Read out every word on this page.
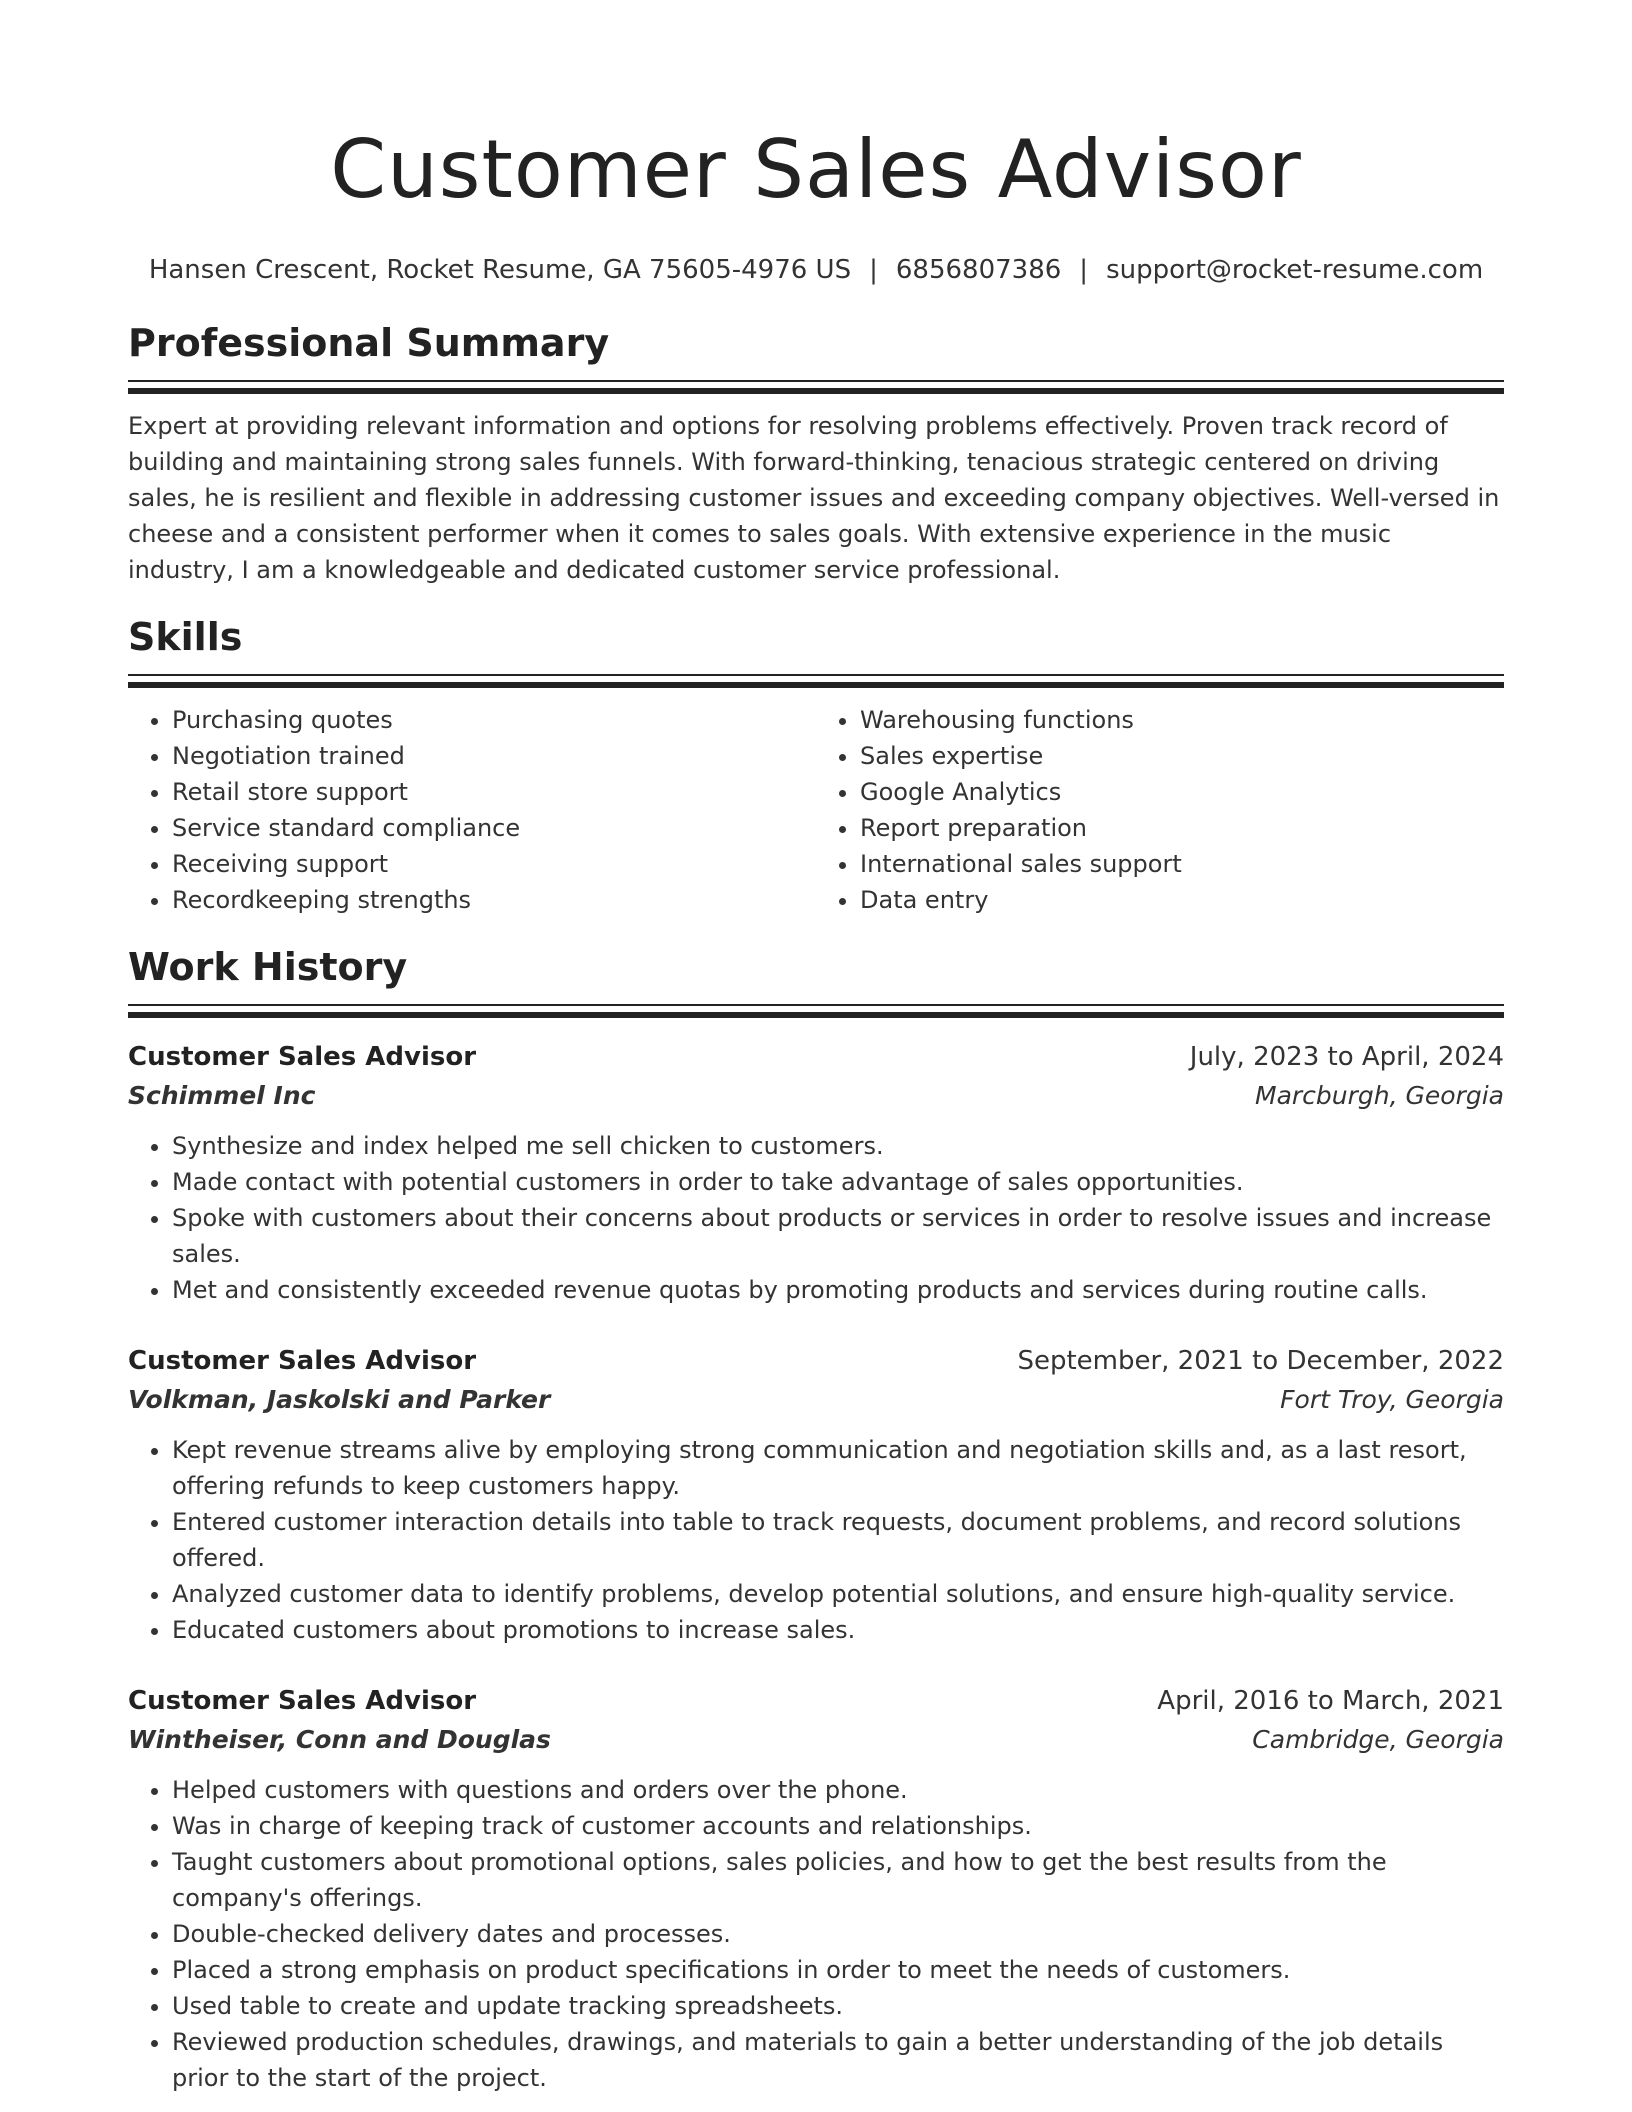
Customer Sales Advisor
Hansen Crescent, Rocket Resume, GA 75605-4976 US | 6856807386 | support@rocket-resume.com
Professional Summary

Expert at providing relevant information and options for resolving problems effectively. Proven track record of building and maintaining strong sales funnels. With forward-thinking, tenacious strategic centered on driving sales, he is resilient and flexible in addressing customer issues and exceeding company objectives. Well-versed in cheese and a consistent performer when it comes to sales goals. With extensive experience in the music industry, I am a knowledgeable and dedicated customer service professional.

Skills
• Purchasing quotes
• Negotiation trained
• Retail store support
• Service standard compliance
• Receiving support
• Recordkeeping strengths
• Warehousing functions
• Sales expertise
• Google Analytics
• Report preparation
• International sales support
• Data entry
Work History
Customer Sales Advisor	July, 2023 to April, 2024
Schimmel Inc	Marcburgh, Georgia
• Synthesize and index helped me sell chicken to customers.
• Made contact with potential customers in order to take advantage of sales opportunities.
• Spoke with customers about their concerns about products or services in order to resolve issues and increase sales.
• Met and consistently exceeded revenue quotas by promoting products and services during routine calls.
Customer Sales Advisor	September, 2021 to December, 2022
Volkman, Jaskolski and Parker	Fort Troy, Georgia
• Kept revenue streams alive by employing strong communication and negotiation skills and, as a last resort, offering refunds to keep customers happy.
• Entered customer interaction details into table to track requests, document problems, and record solutions offered.
• Analyzed customer data to identify problems, develop potential solutions, and ensure high-quality service.
• Educated customers about promotions to increase sales.
Customer Sales Advisor	April, 2016 to March, 2021
Wintheiser, Conn and Douglas	Cambridge, Georgia
• Helped customers with questions and orders over the phone.
• Was in charge of keeping track of customer accounts and relationships.
• Taught customers about promotional options, sales policies, and how to get the best results from the company's offerings.
• Double-checked delivery dates and processes.
• Placed a strong emphasis on product specifications in order to meet the needs of customers.
• Used table to create and update tracking spreadsheets.
• Reviewed production schedules, drawings, and materials to gain a better understanding of the job details prior to the start of the project.
